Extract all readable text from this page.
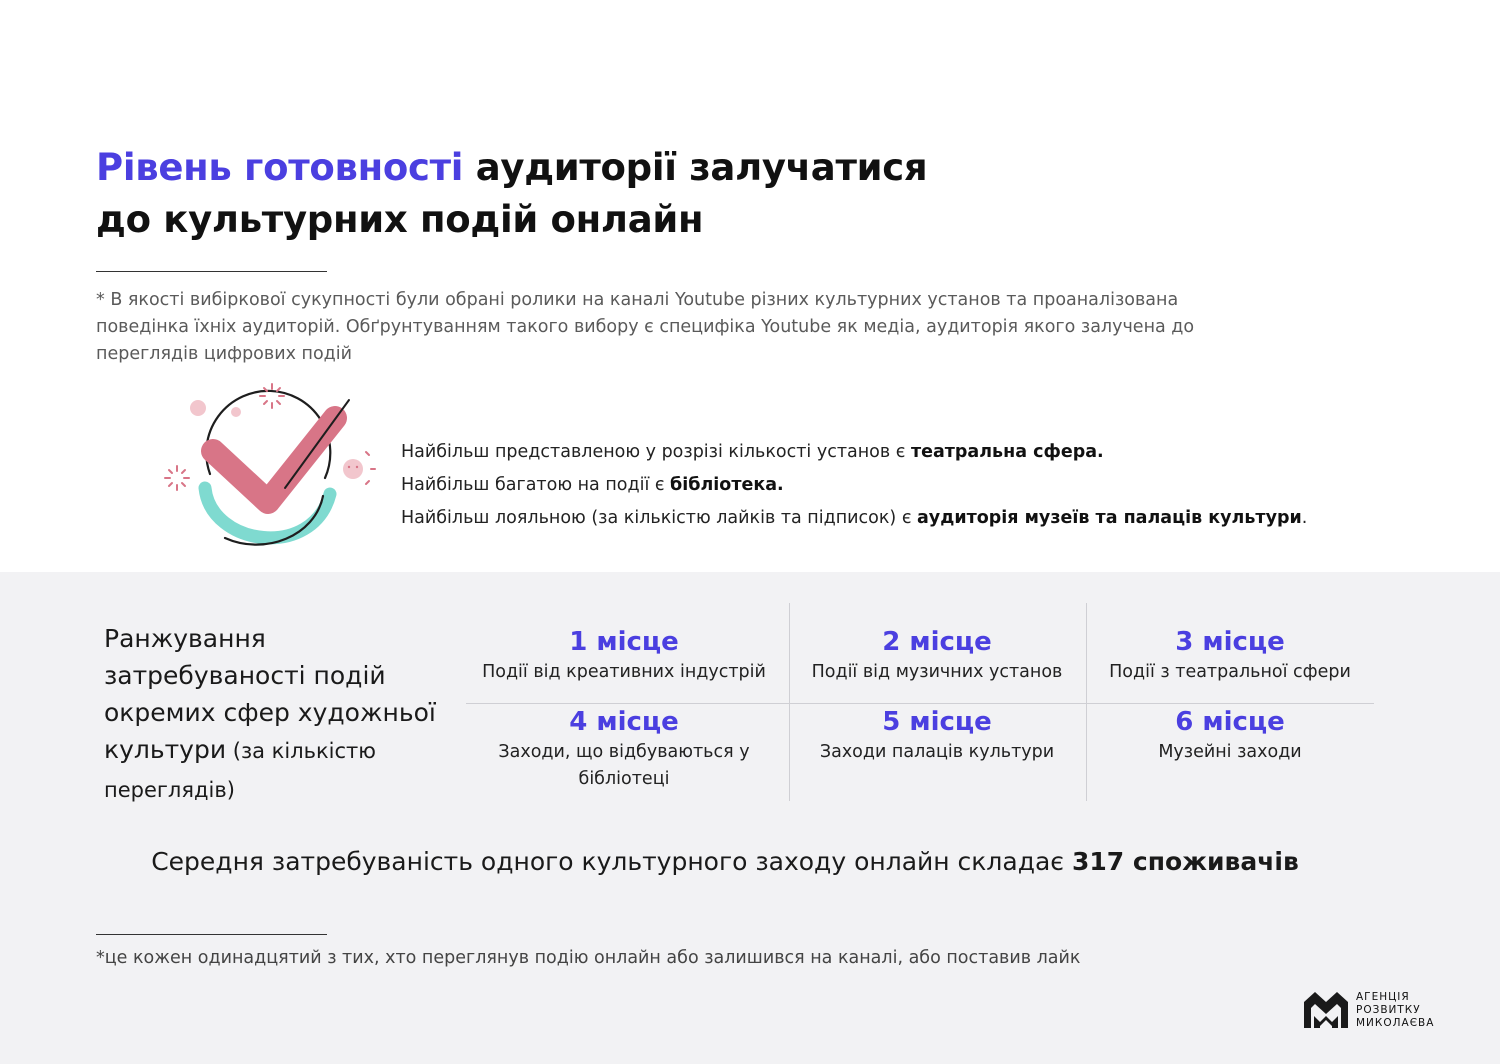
Рівень готовності аудиторії залучатися
до культурних подій онлайн

* В якості вибіркової сукупності були обрані ролики на каналі Youtube різних культурних установ та проаналізована поведінка їхніх аудиторій. Обґрунтуванням такого вибору є специфіка Youtube як медіа, аудиторія якого залучена до переглядів цифрових подій

Найбільш представленою у розрізі кількості установ є театральна сфера.
Найбільш багатою на події є бібліотека.
Найбільш лояльною (за кількістю лайків та підписок) є аудиторія музеїв та палаців культури.
Ранжування затребуваності подій окремих сфер художньої культури (за кількістю переглядів)
1 місце
Події від креативних індустрій
2 місце
Події від музичних установ
3 місце
Події з театральної сфери
4 місце
Заходи, що відбуваються у бібліотеці
5 місце
Заходи палаців культури
6 місце
Музейні заходи

Середня затребуваність одного культурного заходу онлайн складає 317 споживачів

*це кожен одинадцятий з тих, хто переглянув подію онлайн або залишився на каналі, або поставив лайк

АГЕНЦІЯ
РОЗВИТКУ
МИКОЛАЄВА
